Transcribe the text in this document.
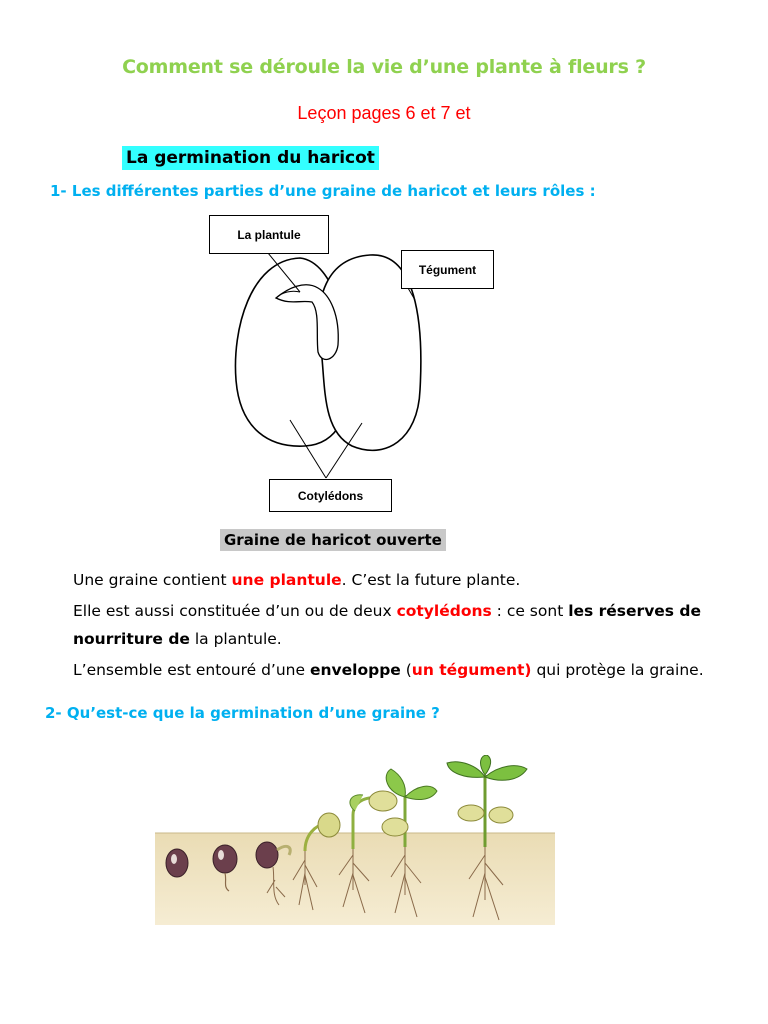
Comment se déroule la vie d’une plante à fleurs ?
Leçon pages 6 et 7 et
La germination du haricot
1- Les différentes parties d’une graine de haricot et leurs rôles :
La plantule
Tégument
Cotylédons
Graine de haricot ouverte
Une graine contient une plantule. C’est la future plante.
Elle est aussi constituée d’un ou de deux cotylédons : ce sont les réserves de
nourriture de la plantule.
L’ensemble est entouré d’une enveloppe (un tégument) qui protège la graine.
2- Qu’est-ce que la germination d’une graine ?
